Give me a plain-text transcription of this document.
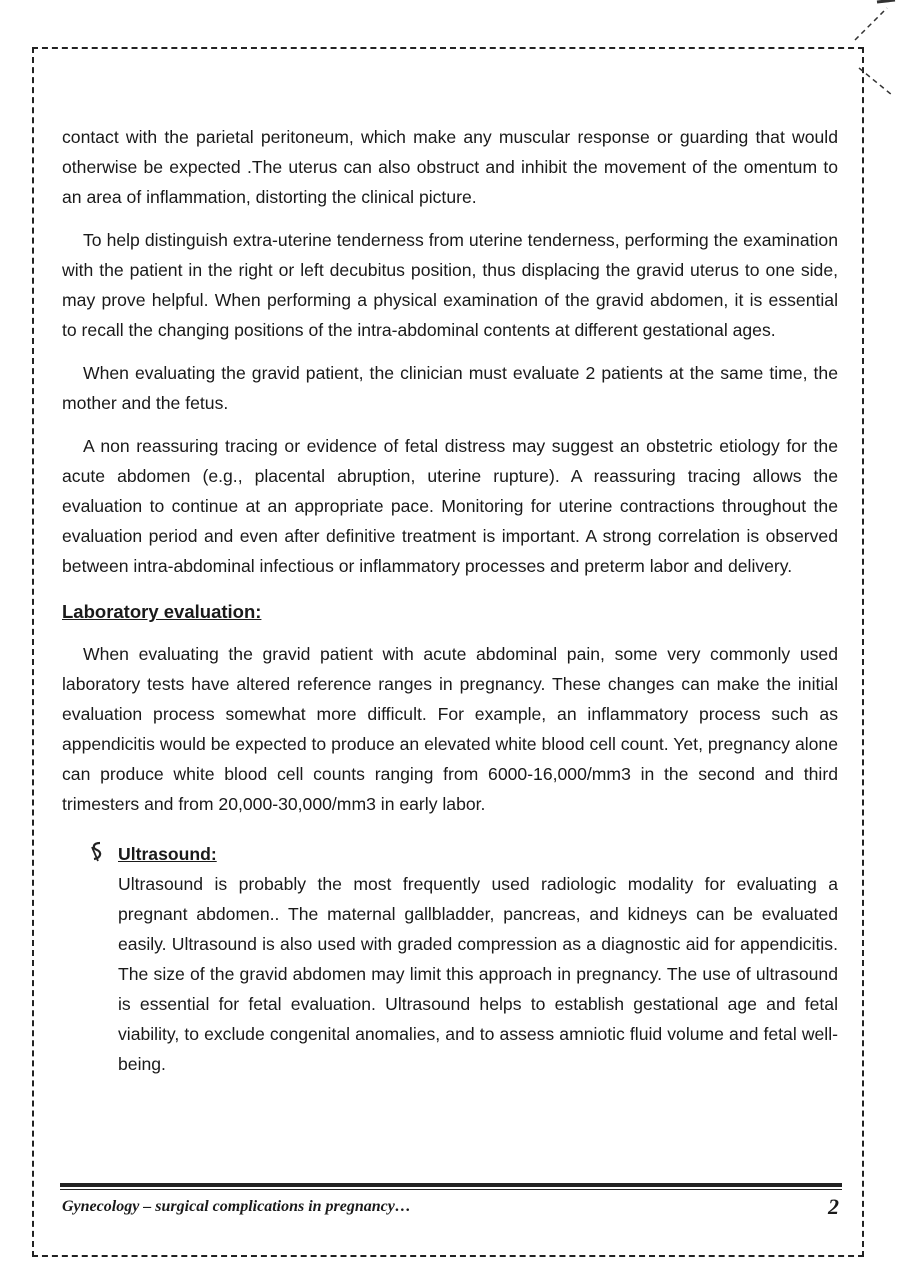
contact with the parietal peritoneum, which make any muscular response or guarding that would otherwise be expected .The uterus can also obstruct and inhibit the movement of the omentum to an area of inflammation, distorting the clinical picture.

To help distinguish extra-uterine tenderness from uterine tenderness, performing the examination with the patient in the right or left decubitus position, thus displacing the gravid uterus to one side, may prove helpful. When performing a physical examination of the gravid abdomen, it is essential to recall the changing positions of the intra-abdominal contents at different gestational ages.

When evaluating the gravid patient, the clinician must evaluate 2 patients at the same time, the mother and the fetus.

A non reassuring tracing or evidence of fetal distress may suggest an obstetric etiology for the acute abdomen (e.g., placental abruption, uterine rupture). A reassuring tracing allows the evaluation to continue at an appropriate pace. Monitoring for uterine contractions throughout the evaluation period and even after definitive treatment is important. A strong correlation is observed between intra-abdominal infectious or inflammatory processes and preterm labor and delivery.

Laboratory evaluation:

When evaluating the gravid patient with acute abdominal pain, some very commonly used laboratory tests have altered reference ranges in pregnancy. These changes can make the initial evaluation process somewhat more difficult. For example, an inflammatory process such as appendicitis would be expected to produce an elevated white blood cell count. Yet, pregnancy alone can produce white blood cell counts ranging from 6000-16,000/mm3 in the second and third trimesters and from 20,000-30,000/mm3 in early labor.

Ultrasound:

Ultrasound is probably the most frequently used radiologic modality for evaluating a pregnant abdomen.. The maternal gallbladder, pancreas, and kidneys can be evaluated easily. Ultrasound is also used with graded compression as a diagnostic aid for appendicitis. The size of the gravid abdomen may limit this approach in pregnancy. The use of ultrasound is essential for fetal evaluation. Ultrasound helps to establish gestational age and fetal viability, to exclude congenital anomalies, and to assess amniotic fluid volume and fetal well-being.

Gynecology – surgical complications in pregnancy…	2
